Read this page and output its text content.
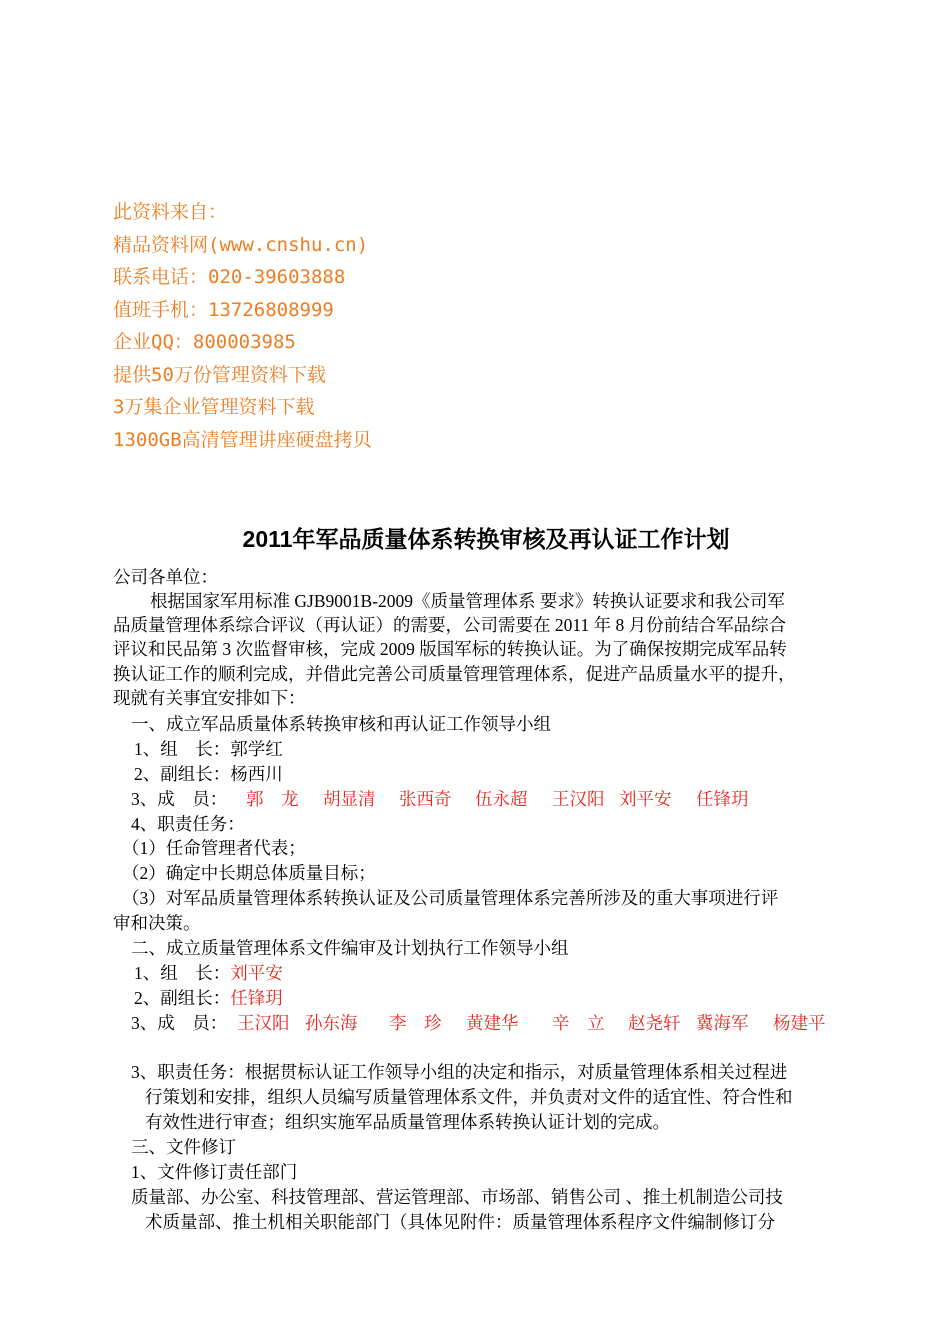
此资料来自：
精品资料网(www.cnshu.cn)
联系电话：020-39603888
值班手机：13726808999
企业QQ：800003985
提供50万份管理资料下载
3万集企业管理资料下载
1300GB高清管理讲座硬盘拷贝
2011年军品质量体系转换审核及再认证工作计划
公司各单位：
根据国家军用标准 GJB9001B-2009《质量管理体系 要求》转换认证要求和我公司军
品质量管理体系综合评议（再认证）的需要，公司需要在 2011 年 8 月份前结合军品综合
评议和民品第 3 次监督审核，完成 2009 版国军标的转换认证。为了确保按期完成军品转
换认证工作的顺利完成，并借此完善公司质量管理管理体系，促进产品质量水平的提升，
现就有关事宜安排如下：
一、成立军品质量体系转换审核和再认证工作领导小组
1、组　长：郭学红
2、副组长：杨西川
3、成　员： 郭　龙 胡显清 张西奇 伍永超 王汉阳 刘平安 任锋玥
4、职责任务：
（1）任命管理者代表；
（2）确定中长期总体质量目标；
（3）对军品质量管理体系转换认证及公司质量管理体系完善所涉及的重大事项进行评
审和决策。
二、成立质量管理体系文件编审及计划执行工作领导小组
1、组　长：刘平安
2、副组长：任锋玥
3、成　员： 王汉阳 孙东海 李　珍 黄建华 辛　立 赵尧轩 冀海军 杨建平
3、职责任务：根据贯标认证工作领导小组的决定和指示，对质量管理体系相关过程进
行策划和安排，组织人员编写质量管理体系文件，并负责对文件的适宜性、符合性和
有效性进行审查；组织实施军品质量管理体系转换认证计划的完成。
三、文件修订
1、文件修订责任部门
质量部、办公室、科技管理部、营运管理部、市场部、销售公司 、推土机制造公司技
术质量部、推土机相关职能部门（具体见附件：质量管理体系程序文件编制修订分
